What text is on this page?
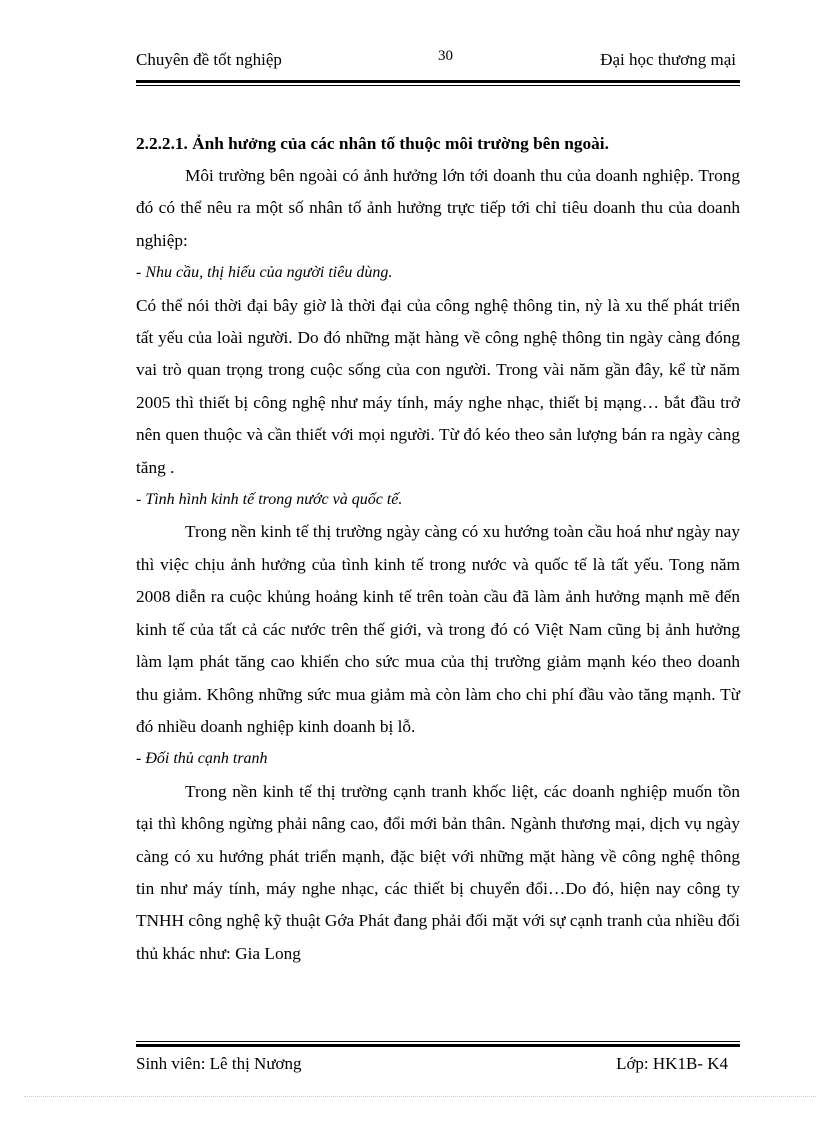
Chuyên đề tốt nghiệp	30	Đại học thương mại

2.2.2.1. Ảnh hưởng của các nhân tố thuộc môi trường bên ngoài.

Môi trường bên ngoài có ảnh hưởng lớn tới doanh thu của doanh nghiệp. Trong đó có thể nêu ra một số nhân tố ảnh hưởng trực tiếp tới chỉ tiêu doanh thu của doanh nghiệp:

- Nhu cầu, thị hiếu của người tiêu dùng.

Có thể nói thời đại bây giờ là thời đại của công nghệ thông tin, nỳ là xu thế phát triển tất yếu của loài người. Do đó những mặt hàng về công nghệ thông tin ngày càng đóng vai trò quan trọng trong cuộc sống của con người. Trong vài năm gần đây, kể từ năm 2005 thì thiết bị công nghệ như máy tính, máy nghe nhạc, thiết bị mạng… bắt đầu trở nên quen thuộc và cần thiết với mọi người. Từ đó kéo theo sản lượng bán ra ngày càng tăng .

- Tình hình kinh tế trong nước và quốc tế.

Trong nền kinh tế thị trường ngày càng có xu hướng toàn cầu hoá như ngày nay thì việc chịu ảnh hưởng của tình kinh tế trong nước và quốc tế là tất yếu. Tong năm 2008 diễn ra cuộc khủng hoảng kinh tế trên toàn cầu đã làm ảnh hưởng mạnh mẽ đến kinh tế của tất cả các nước trên thế giới, và trong đó có Việt Nam cũng bị ảnh hưởng làm lạm phát tăng cao khiến cho sức mua của thị trường giảm mạnh kéo theo doanh thu giảm. Không những sức mua giảm mà còn làm cho chi phí đầu vào tăng mạnh. Từ đó nhiều doanh nghiệp kinh doanh bị lỗ.

- Đối thủ cạnh tranh

Trong nền kinh tế thị trường cạnh tranh khốc liệt, các doanh nghiệp muốn tồn tại thì không ngừng phải nâng cao, đổi mới bản thân. Ngành thương mại, dịch vụ ngày càng có xu hướng phát triển mạnh, đặc biệt với những mặt hàng về công nghệ thông tin như máy tính, máy nghe nhạc, các thiết bị chuyển đổi…Do đó, hiện nay công ty TNHH công nghệ kỹ thuật Gớa Phát đang phải đối mặt với sự cạnh tranh của nhiều đối thủ khác như: Gia Long

Sinh viên: Lê thị Nương	Lớp: HK1B- K4
